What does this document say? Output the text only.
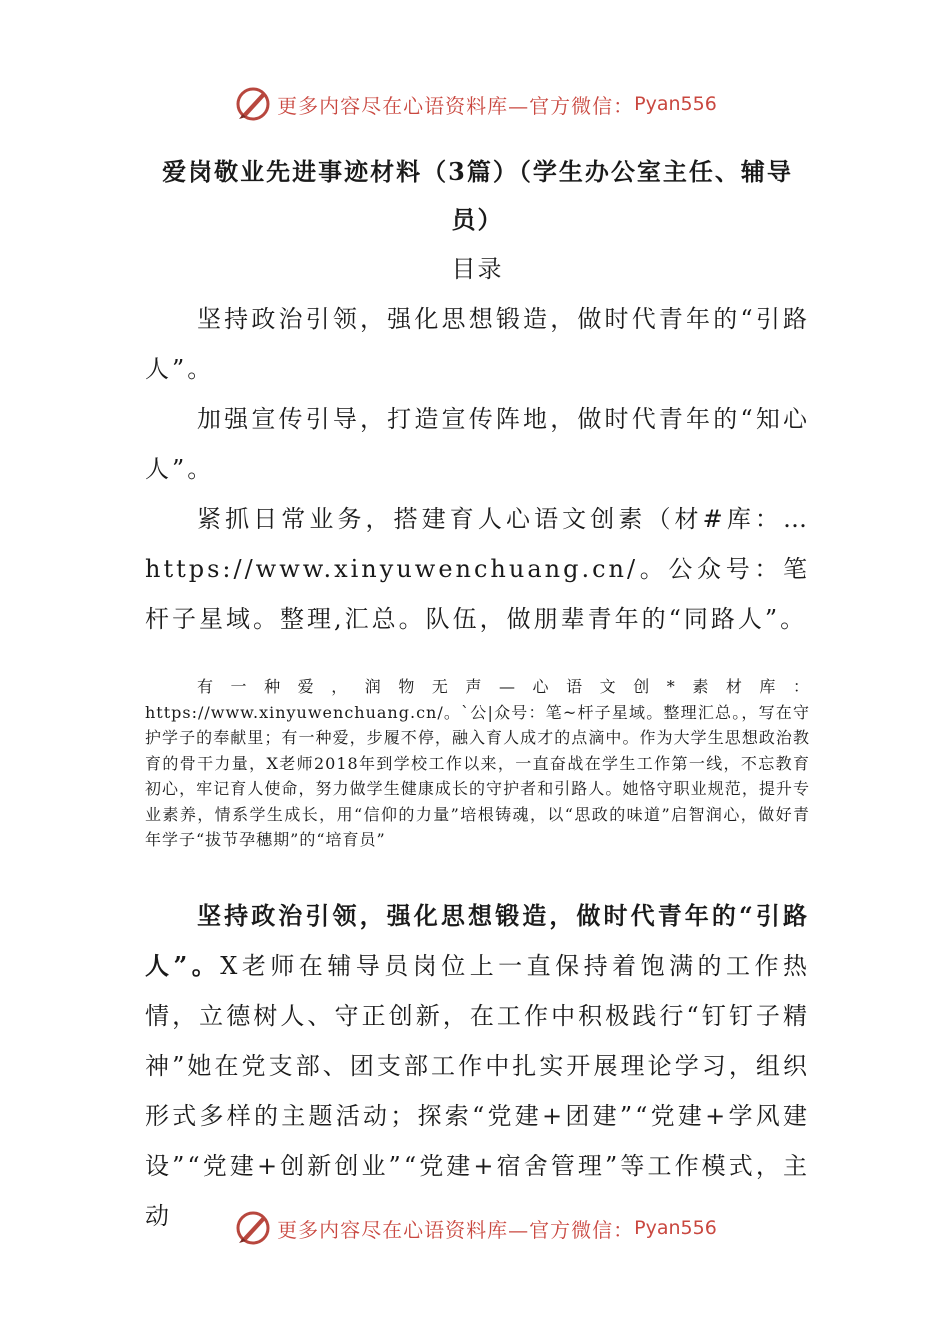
更多内容尽在心语资料库—官方微信： Pyan556

爱岗敬业先进事迹材料（3篇）（学生办公室主任、辅导员）

目录

坚持政治引领，强化思想锻造，做时代青年的“引路人”。

加强宣传引导，打造宣传阵地，做时代青年的“知心人”。

紧抓日常业务，搭建育人心语文创素（材#库：…https://www.xinyuwenchuang.cn/。公众号：笔杆子星域。整理,汇总。队伍，做朋辈青年的“同路人”。

有一种爱，润物无声—心语文创*素材库：https://www.xinyuwenchuang.cn/。`公|众号：笔~杆子星域。整理汇总。，写在守护学子的奉献里；有一种爱，步履不停，融入育人成才的点滴中。作为大学生思想政治教育的骨干力量，X老师2018年到学校工作以来，一直奋战在学生工作第一线，不忘教育初心，牢记育人使命，努力做学生健康成长的守护者和引路人。她恪守职业规范，提升专业素养，情系学生成长，用“信仰的力量”培根铸魂，以“思政的味道”启智润心，做好青年学子“拔节孕穗期”的“培育员”

坚持政治引领，强化思想锻造，做时代青年的“引路人”。X老师在辅导员岗位上一直保持着饱满的工作热情，立德树人、守正创新，在工作中积极践行“钉钉子精神”她在党支部、团支部工作中扎实开展理论学习，组织形式多样的主题活动；探索“党建+团建”“党建+学风建设”“党建+创新创业”“党建+宿舍管理”等工作模式，主动	更多内容尽在心语资料库—官方微信： Pyan556
